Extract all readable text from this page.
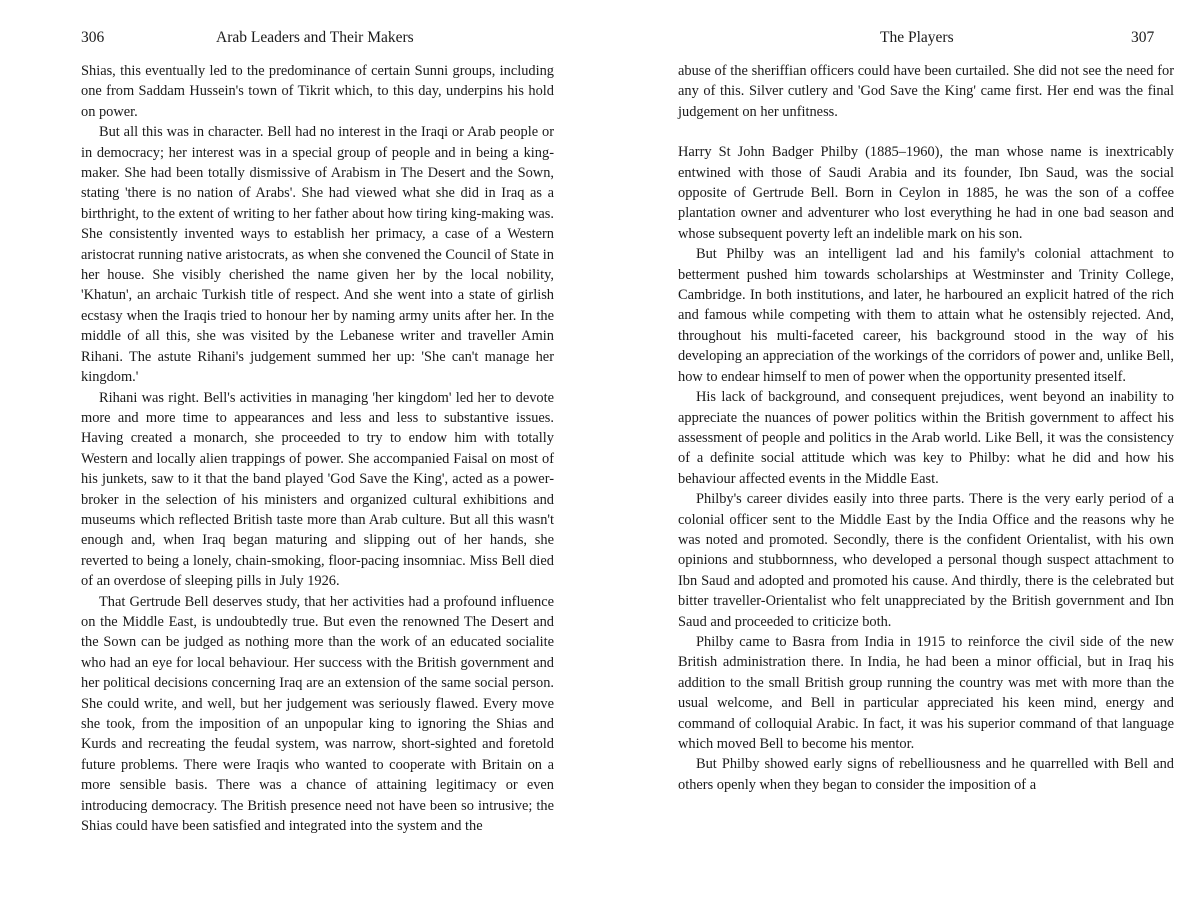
306	Arab Leaders and Their Makers

Shias, this eventually led to the predominance of certain Sunni groups, including one from Saddam Hussein's town of Tikrit which, to this day, underpins his hold on power.

But all this was in character. Bell had no interest in the Iraqi or Arab people or in democracy; her interest was in a special group of people and in being a king-maker. She had been totally dismissive of Arabism in The Desert and the Sown, stating 'there is no nation of Arabs'. She had viewed what she did in Iraq as a birthright, to the extent of writing to her father about how tiring king-making was. She consistently invented ways to establish her primacy, a case of a Western aristocrat running native aristocrats, as when she convened the Council of State in her house. She visibly cherished the name given her by the local nobility, 'Khatun', an archaic Turkish title of respect. And she went into a state of girlish ecstasy when the Iraqis tried to honour her by naming army units after her. In the middle of all this, she was visited by the Lebanese writer and traveller Amin Rihani. The astute Rihani's judgement summed her up: 'She can't manage her kingdom.'

Rihani was right. Bell's activities in managing 'her kingdom' led her to devote more and more time to appearances and less and less to substantive issues. Having created a monarch, she proceeded to try to endow him with totally Western and locally alien trappings of power. She accompanied Faisal on most of his junkets, saw to it that the band played 'God Save the King', acted as a power-broker in the selection of his ministers and organized cultural exhibitions and museums which reflected British taste more than Arab culture. But all this wasn't enough and, when Iraq began maturing and slipping out of her hands, she reverted to being a lonely, chain-smoking, floor-pacing insomniac. Miss Bell died of an overdose of sleeping pills in July 1926.

That Gertrude Bell deserves study, that her activities had a profound influence on the Middle East, is undoubtedly true. But even the renowned The Desert and the Sown can be judged as nothing more than the work of an educated socialite who had an eye for local behaviour. Her success with the British government and her political decisions concerning Iraq are an extension of the same social person. She could write, and well, but her judgement was seriously flawed. Every move she took, from the imposition of an unpopular king to ignoring the Shias and Kurds and recreating the feudal system, was narrow, short-sighted and foretold future problems. There were Iraqis who wanted to cooperate with Britain on a more sensible basis. There was a chance of attaining legitimacy or even introducing democracy. The British presence need not have been so intrusive; the Shias could have been satisfied and integrated into the system and the

The Players	307

abuse of the sheriffian officers could have been curtailed. She did not see the need for any of this. Silver cutlery and 'God Save the King' came first. Her end was the final judgement on her unfitness.

Harry St John Badger Philby (1885–1960), the man whose name is inextricably entwined with those of Saudi Arabia and its founder, Ibn Saud, was the social opposite of Gertrude Bell. Born in Ceylon in 1885, he was the son of a coffee plantation owner and adventurer who lost everything he had in one bad season and whose subsequent poverty left an indelible mark on his son.

But Philby was an intelligent lad and his family's colonial attachment to betterment pushed him towards scholarships at Westminster and Trinity College, Cambridge. In both institutions, and later, he harboured an explicit hatred of the rich and famous while competing with them to attain what he ostensibly rejected. And, throughout his multi-faceted career, his background stood in the way of his developing an appreciation of the workings of the corridors of power and, unlike Bell, how to endear himself to men of power when the opportunity presented itself.

His lack of background, and consequent prejudices, went beyond an inability to appreciate the nuances of power politics within the British government to affect his assessment of people and politics in the Arab world. Like Bell, it was the consistency of a definite social attitude which was key to Philby: what he did and how his behaviour affected events in the Middle East.

Philby's career divides easily into three parts. There is the very early period of a colonial officer sent to the Middle East by the India Office and the reasons why he was noted and promoted. Secondly, there is the confident Orientalist, with his own opinions and stubbornness, who developed a personal though suspect attachment to Ibn Saud and adopted and promoted his cause. And thirdly, there is the celebrated but bitter traveller-Orientalist who felt unappreciated by the British government and Ibn Saud and proceeded to criticize both.

Philby came to Basra from India in 1915 to reinforce the civil side of the new British administration there. In India, he had been a minor official, but in Iraq his addition to the small British group running the country was met with more than the usual welcome, and Bell in particular appreciated his keen mind, energy and command of colloquial Arabic. In fact, it was his superior command of that language which moved Bell to become his mentor.

But Philby showed early signs of rebelliousness and he quarrelled with Bell and others openly when they began to consider the imposition of a
